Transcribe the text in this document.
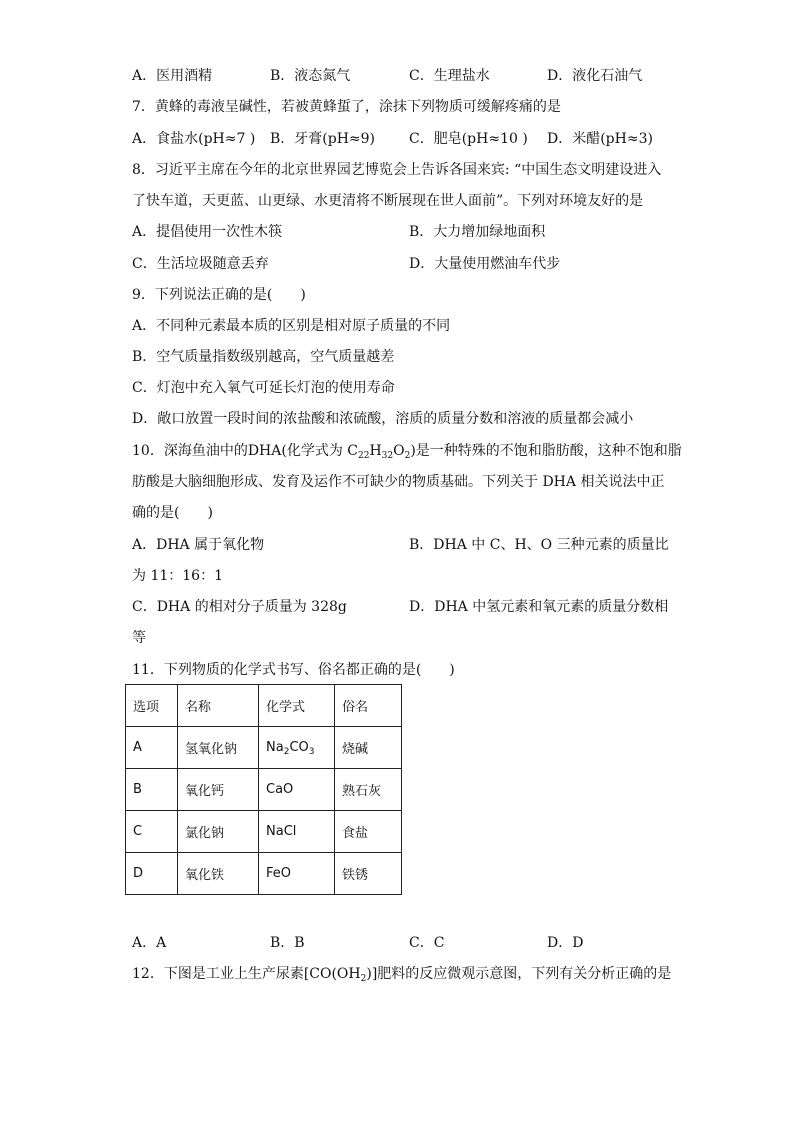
A．医用酒精	B．液态氮气	C．生理盐水	D．液化石油气
7．黄蜂的毒液呈碱性，若被黄蜂蜇了，涂抹下列物质可缓解疼痛的是
A．食盐水(pH≈7 ) B．牙膏(pH≈9) C．肥皂(pH≈10 ) D．米醋(pH≈3)
8．习近平主席在今年的北京世界园艺博览会上告诉各国来宾: “中国生态文明建设进入
了快车道，天更蓝、山更绿、水更清将不断展现在世人面前”。下列对环境友好的是
A．提倡使用一次性木筷	B．大力增加绿地面积
C．生活垃圾随意丢弃	D．大量使用燃油车代步
9．下列说法正确的是(　　)
A．不同种元素最本质的区别是相对原子质量的不同
B．空气质量指数级别越高，空气质量越差
C．灯泡中充入氧气可延长灯泡的使用寿命
D．敞口放置一段时间的浓盐酸和浓硫酸，溶质的质量分数和溶液的质量都会减小
10．深海鱼油中的DHA(化学式为 $C_{22}H_{32}O_2$)是一种特殊的不饱和脂肪酸，这种不饱和脂
肪酸是大脑细胞形成、发育及运作不可缺少的物质基础。下列关于 DHA 相关说法中正
确的是(　　)
A．DHA 属于氧化物	B．DHA 中 C、H、O 三种元素的质量比
为 11：16：1
C．DHA 的相对分子质量为 328g	D．DHA 中氢元素和氧元素的质量分数相
等
11．下列物质的化学式书写、俗名都正确的是(　　)
选项	名称	化学式	俗名
A	氢氧化钠	$Na_2CO_3$	烧碱
B	氧化钙	CaO	熟石灰
C	氯化钠	NaCl	食盐
D	氧化铁	FeO	铁锈
A．A	B．B	C．C	D．D
12．下图是工业上生产尿素$[CO(OH_2)]$肥料的反应微观示意图，下列有关分析正确的是
